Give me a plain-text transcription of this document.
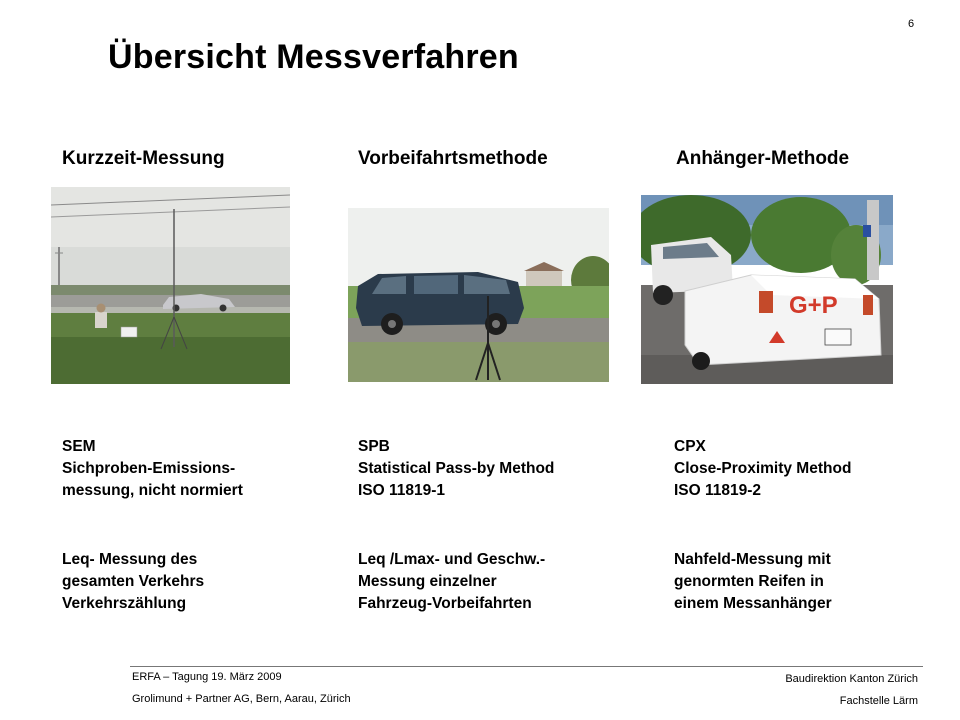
6
Übersicht Messverfahren
Kurzzeit-Messung	Vorbeifahrtsmethode	Anhänger-Methode
G+P
SEM
Sichproben-Emissions-
messung, nicht normiert
Leq- Messung des
gesamten Verkehrs
Verkehrszählung
SPB
Statistical Pass-by Method
ISO 11819-1
Leq /Lmax- und Geschw.-
Messung einzelner
Fahrzeug-Vorbeifahrten
CPX
Close-Proximity Method
ISO 11819-2
Nahfeld-Messung mit
genormten Reifen in
einem Messanhänger
ERFA – Tagung 19. März 2009
Grolimund + Partner AG, Bern, Aarau, Zürich
Baudirektion Kanton Zürich
Fachstelle Lärm
